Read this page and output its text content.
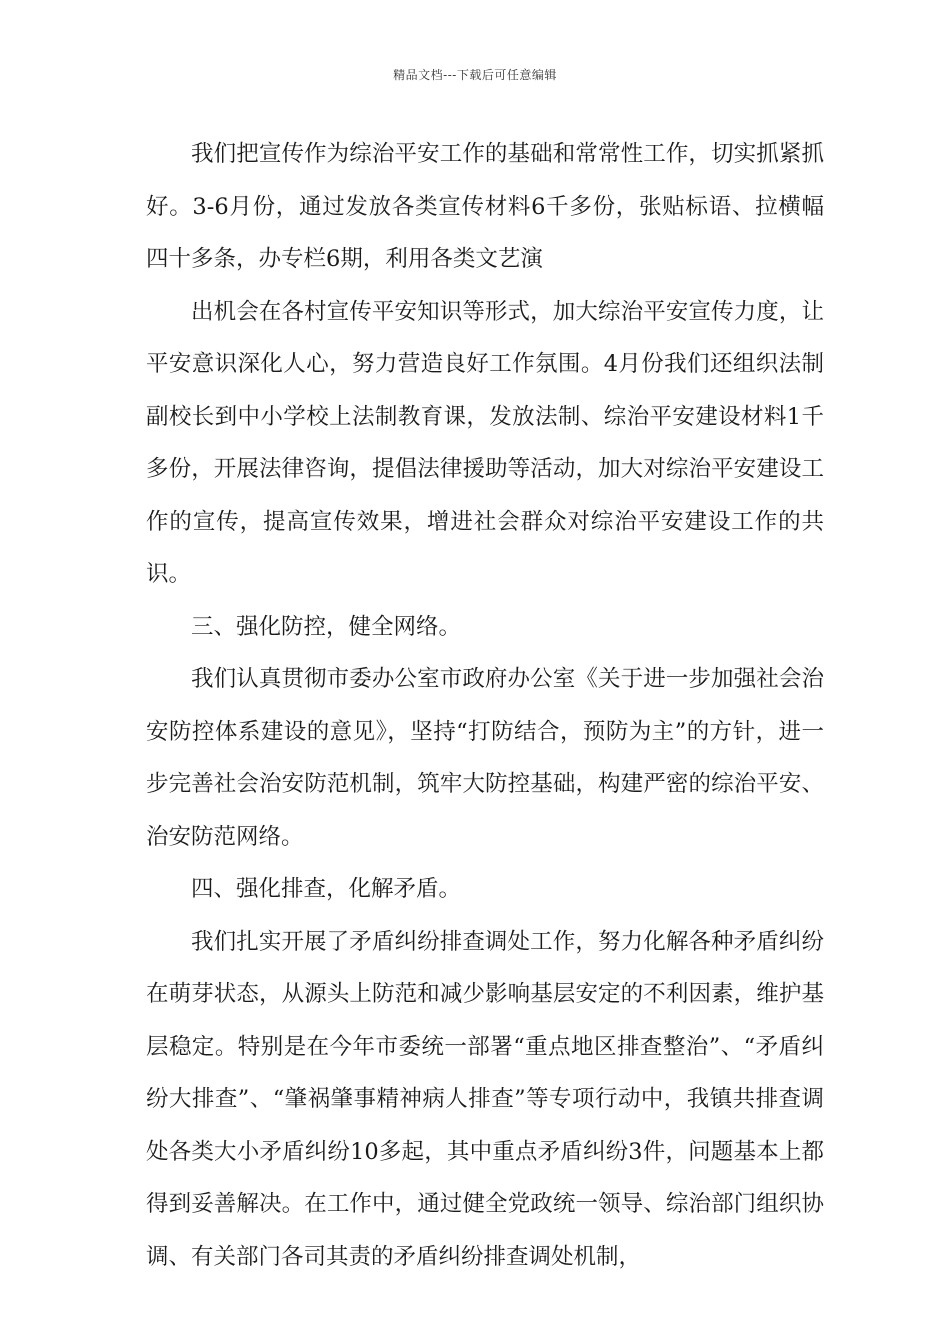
精品文档---下载后可任意编辑

我们把宣传作为综治平安工作的基础和常常性工作，切实抓紧抓好。3-6月份，通过发放各类宣传材料6千多份，张贴标语、拉横幅四十多条，办专栏6期，利用各类文艺演

出机会在各村宣传平安知识等形式，加大综治平安宣传力度，让平安意识深化人心，努力营造良好工作氛围。4月份我们还组织法制副校长到中小学校上法制教育课，发放法制、综治平安建设材料1千多份，开展法律咨询，提倡法律援助等活动，加大对综治平安建设工作的宣传，提高宣传效果，增进社会群众对综治平安建设工作的共识。

三、强化防控，健全网络。

我们认真贯彻市委办公室市政府办公室《关于进一步加强社会治安防控体系建设的意见》，坚持“打防结合，预防为主”的方针，进一步完善社会治安防范机制，筑牢大防控基础，构建严密的综治平安、治安防范网络。

四、强化排查，化解矛盾。

我们扎实开展了矛盾纠纷排查调处工作，努力化解各种矛盾纠纷在萌芽状态，从源头上防范和减少影响基层安定的不利因素，维护基层稳定。特别是在今年市委统一部署“重点地区排查整治”、“矛盾纠纷大排查”、“肇祸肇事精神病人排查”等专项行动中，我镇共排查调处各类大小矛盾纠纷10多起，其中重点矛盾纠纷3件，问题基本上都得到妥善解决。在工作中，通过健全党政统一领导、综治部门组织协调、有关部门各司其责的矛盾纠纷排查调处机制，
